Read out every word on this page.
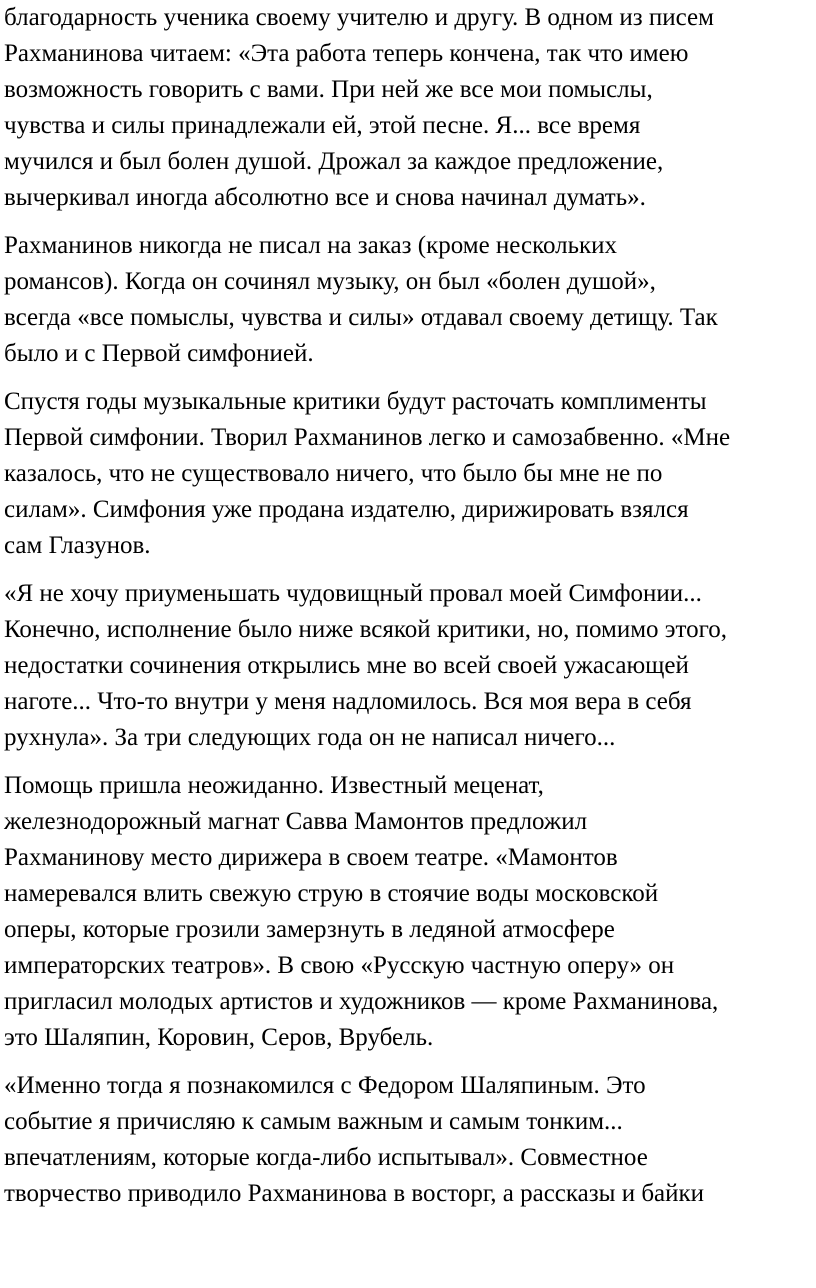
благодарность ученика своему учителю и другу. В одном из писем
Рахманинова читаем: «Эта работа теперь кончена, так что имею
возможность говорить с вами. При ней же все мои помыслы,
чувства и силы принадлежали ей, этой песне. Я... все время
мучился и был болен душой. Дрожал за каждое предложение,
вычеркивал иногда абсолютно все и снова начинал думать».
Рахманинов никогда не писал на заказ (кроме нескольких
романсов). Когда он сочинял музыку, он был «болен душой»,
всегда «все помыслы, чувства и силы» отдавал своему детищу. Так
было и с Первой симфонией.
Спустя годы музыкальные критики будут расточать комплименты
Первой симфонии. Творил Рахманинов легко и самозабвенно. «Мне
казалось, что не существовало ничего, что было бы мне не по
силам». Симфония уже продана издателю, дирижировать взялся
сам Глазунов.
«Я не хочу приуменьшать чудовищный провал моей Симфонии...
Конечно, исполнение было ниже всякой критики, но, помимо этого,
недостатки сочинения открылись мне во всей своей ужасающей
наготе... Что-то внутри у меня надломилось. Вся моя вера в себя
рухнула». За три следующих года он не написал ничего...
Помощь пришла неожиданно. Известный меценат,
железнодорожный магнат Савва Мамонтов предложил
Рахманинову место дирижера в своем театре. «Мамонтов
намеревался влить свежую струю в стоячие воды московской
оперы, которые грозили замерзнуть в ледяной атмосфере
императорских театров». В свою «Русскую частную оперу» он
пригласил молодых артистов и художников — кроме Рахманинова,
это Шаляпин, Коровин, Серов, Врубель.
«Именно тогда я познакомился с Федором Шаляпиным. Это
событие я причисляю к самым важным и самым тонким...
впечатлениям, которые когда-либо испытывал». Совместное
творчество приводило Рахманинова в восторг, а рассказы и байки
